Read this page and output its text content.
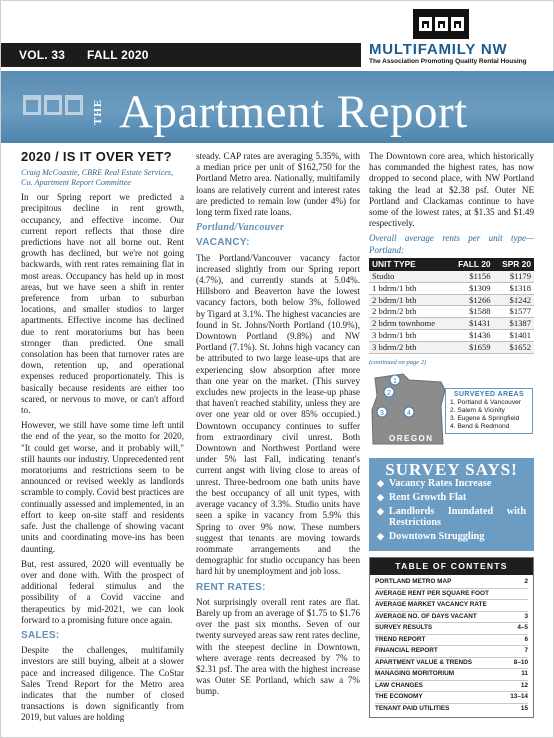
VOL. 33 FALL 2020	MULTIFAMILY NW
The Association Promoting Quality Rental Housing
THE Apartment Report
2020 / IS IT OVER YET?
Craig McCoastie, CBRE Real Estate Services, Co. Apartment Report Committee

In our Spring report we predicted a precipitous decline in rent growth, occupancy, and effective income. Our current report reflects that those dire predictions have not all borne out. Rent growth has declined, but we're not going backwards, with rent rates remaining flat in most areas. Occupancy has held up in most areas, but we have seen a shift in renter preference from urban to suburban locations, and smaller studios to larger apartments. Effective income has declined due to rent moratoriums but has been stronger than predicted. One small consolation has been that turnover rates are down, retention up, and operational expenses reduced proportionately. This is basically because residents are either too scared, or nervous to move, or can't afford to.

However, we still have some time left until the end of the year, so the motto for 2020, "It could get worse, and it probably will," still haunts our industry. Unprecedented rent moratoriums and restrictions seem to be announced or revised weekly as landlords scramble to comply. Covid best practices are continually assessed and implemented, in an effort to keep on-site staff and residents safe. Just the challenge of showing vacant units and coordinating move-ins has been daunting.

But, rest assured, 2020 will eventually be over and done with. With the prospect of additional federal stimulus and the possibility of a Covid vaccine and therapeutics by mid-2021, we can look forward to a promising future once again.

SALES:

Despite the challenges, multifamily investors are still buying, albeit at a slower pace and increased diligence. The CoStar Sales Trend Report for the Metro area indicates that the number of closed transactions is down significantly from 2019, but values are holding

steady. CAP rates are averaging 5.35%, with a median price per unit of $162,750 for the Portland Metro area. Nationally, multifamily loans are relatively current and interest rates are predicted to remain low (under 4%) for long term fixed rate loans.

Portland/Vancouver
VACANCY:

The Portland/Vancouver vacancy factor increased slightly from our Spring report (4.7%), and currently stands at 5.04%. Hillsboro and Beaverton have the lowest vacancy factors, both below 3%, followed by Tigard at 3.1%. The highest vacancies are found in St. Johns/North Portland (10.9%), Downtown Portland (9.8%) and NW Portland (7.1%). St. Johns high vacancy can be attributed to two large lease-ups that are experiencing slow absorption after more than one year on the market. (This survey excludes new projects in the lease-up phase that haven't reached stability, unless they are over one year old or over 85% occupied.) Downtown occupancy continues to suffer from extraordinary civil unrest. Both Downtown and Northwest Portland were under 5% last Fall, indicating tenant's current angst with living close to areas of unrest. Three-bedroom one bath units have the best occupancy of all unit types, with average vacancy of 3.3%. Studio units have seen a spike in vacancy from 5.9% this Spring to over 9% now. These numbers suggest that tenants are moving towards roommate arrangements and the demographic for studio occupancy has been hard hit by unemployment and job loss.

RENT RATES:

Not surprisingly overall rent rates are flat. Barely up from an average of $1.75 to $1.76 over the past six months. Seven of our twenty surveyed areas saw rent rates decline, with the steepest decline in Downtown, where average rents decreased by 7% to $2.31 psf. The area with the highest increase was Outer SE Portland, which saw a 7% bump.

The Downtown core area, which historically has commanded the highest rates, has now dropped to second place, with NW Portland taking the lead at $2.38 psf. Outer NE Portland and Clackamas continue to have some of the lowest rates, at $1.35 and $1.49 respectively.

Overall average rents per unit type—Portland:
UNIT TYPE	FALL 20	SPR 20
Studio	$1156	$1179
1 bdrm/1 bth	$1309	$1318
2 bdrm/1 bth	$1266	$1242
2 bdrm/2 bth	$1588	$1577
2 bdrm townhome	$1431	$1387
3 bdrm/1 bth	$1436	$1401
3 bdrm/2 bth	$1659	$1652
(continued on page 2)
1
2
3	4
OREGON
SURVEYED AREAS
1. Portland & Vancouver
2. Salem & Vicinity
3. Eugene & Springfield
4. Bend & Redmond
SURVEY SAYS!
◆ Vacancy Rates Increase
◆ Rent Growth Flat
◆ Landlords Inundated with Restrictions
◆ Downtown Struggling
TABLE OF CONTENTS
PORTLAND METRO MAP	2
AVERAGE RENT PER SQUARE FOOT
AVERAGE MARKET VACANCY RATE
AVERAGE NO. OF DAYS VACANT	3
SURVEY RESULTS	4–5
TREND REPORT	6
FINANCIAL REPORT	7
APARTMENT VALUE & TRENDS	8–10
MANAGING MORITORIUM	11
LAW CHANGES	12
THE ECONOMY	13–14
TENANT PAID UTILITIES	15
